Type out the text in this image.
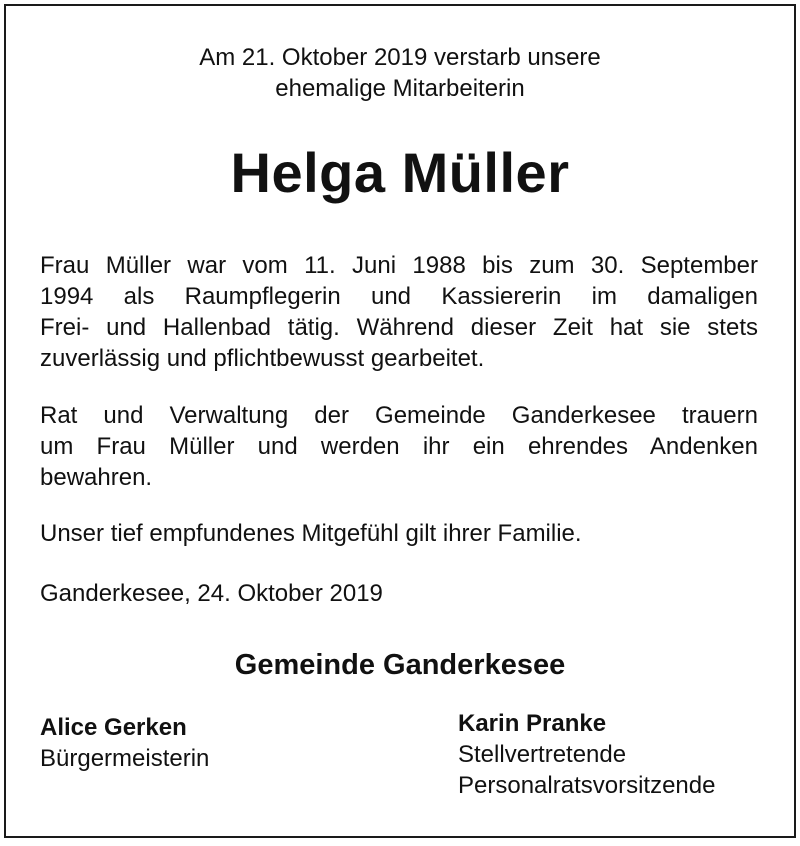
Am 21. Oktober 2019 verstarb unsere
ehemalige Mitarbeiterin
Helga Müller
Frau Müller war vom 11. Juni 1988 bis zum 30. September
1994 als Raumpflegerin und Kassiererin im damaligen
Frei- und Hallenbad tätig. Während dieser Zeit hat sie stets
zuverlässig und pflichtbewusst gearbeitet.
Rat und Verwaltung der Gemeinde Ganderkesee trauern
um Frau Müller und werden ihr ein ehrendes Andenken
bewahren.
Unser tief empfundenes Mitgefühl gilt ihrer Familie.
Ganderkesee, 24. Oktober 2019
Gemeinde Ganderkesee
Alice Gerken
Bürgermeisterin
Karin Pranke
Stellvertretende
Personalratsvorsitzende
